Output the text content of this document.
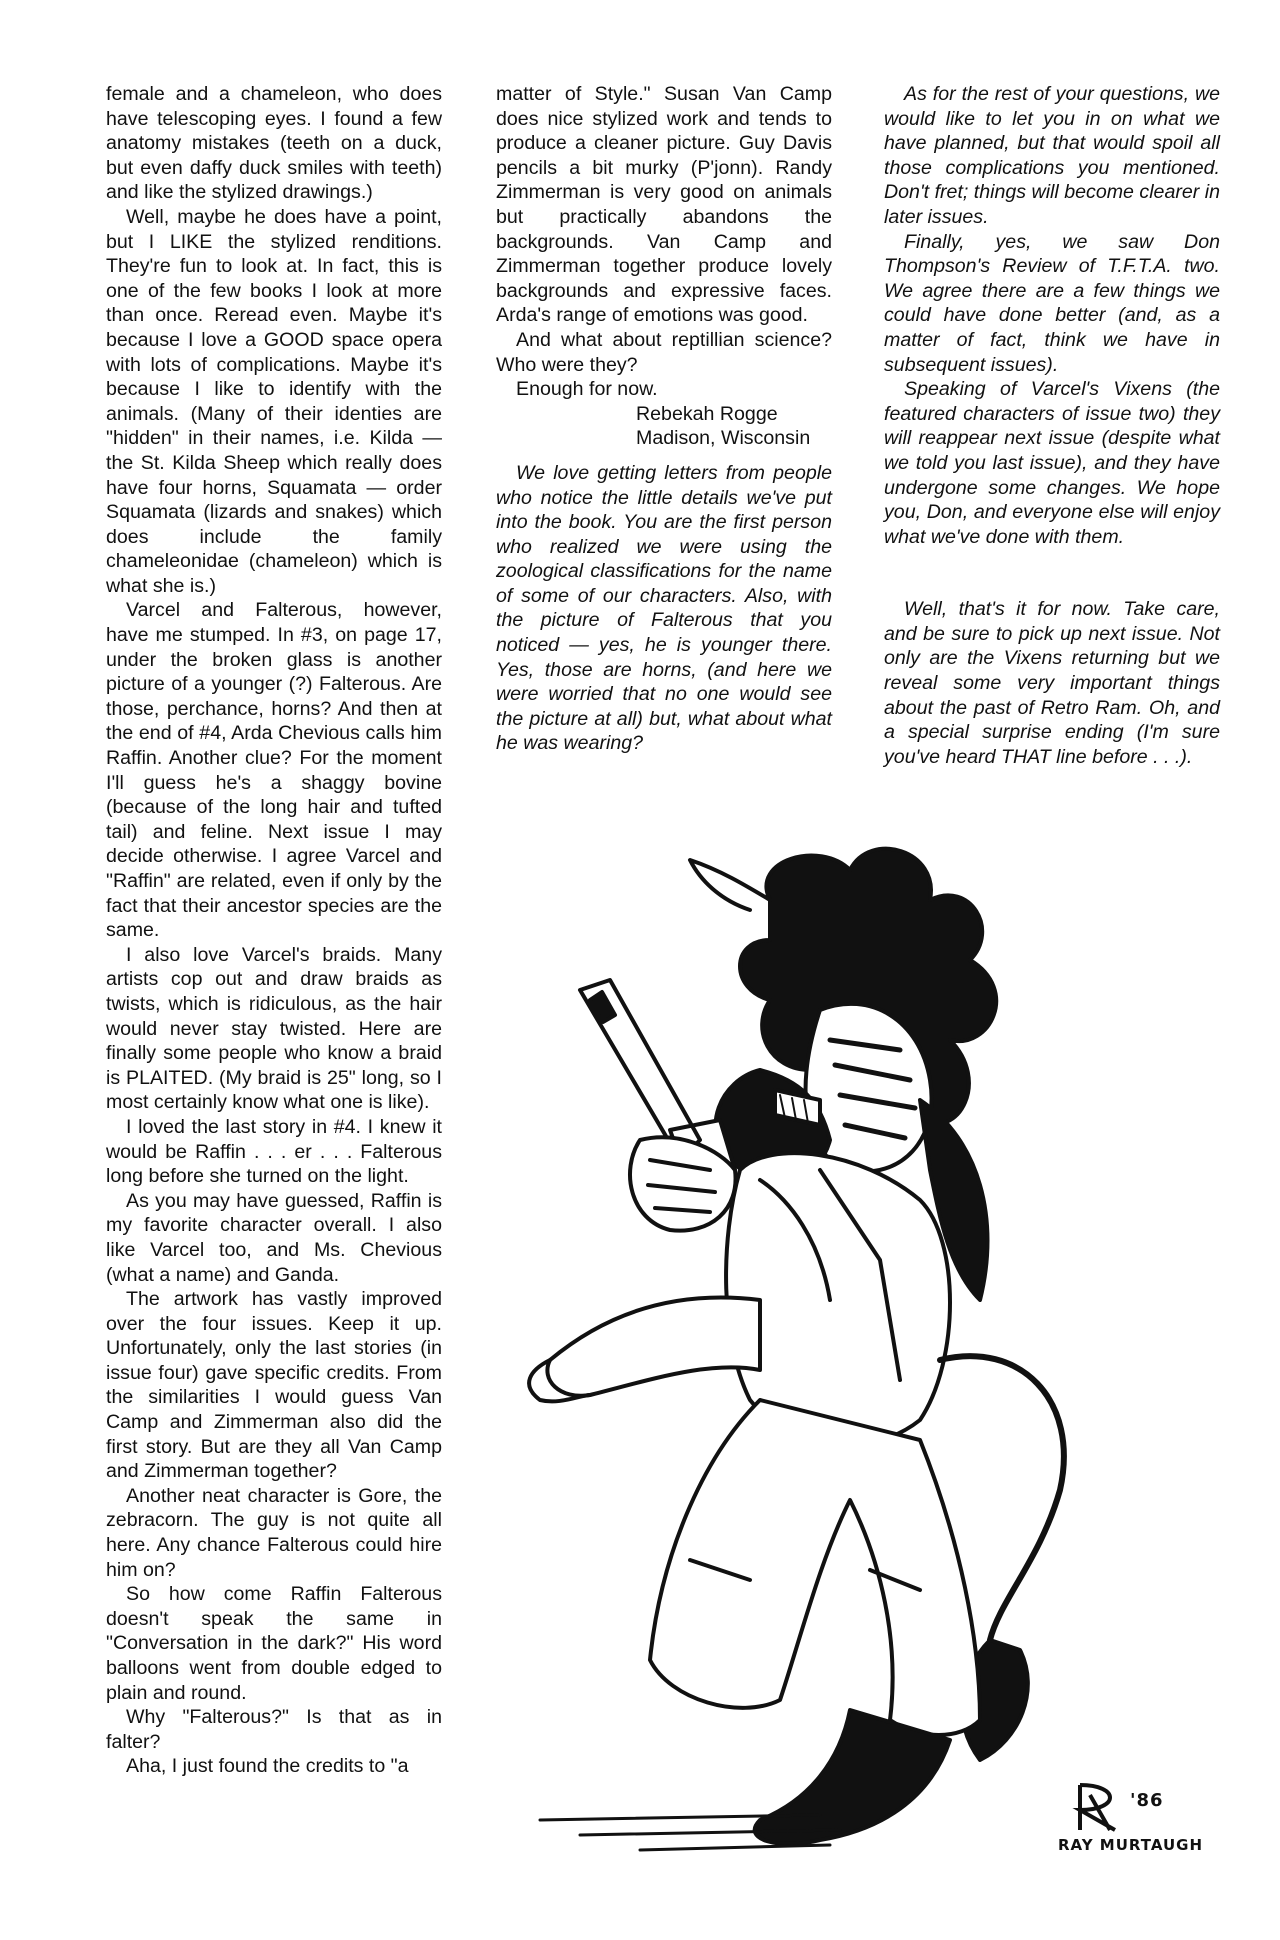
female and a chameleon, who does have telescoping eyes. I found a few anatomy mistakes (teeth on a duck, but even daffy duck smiles with teeth) and like the stylized drawings.)

Well, maybe he does have a point, but I LIKE the stylized renditions. They're fun to look at. In fact, this is one of the few books I look at more than once. Reread even. Maybe it's because I love a GOOD space opera with lots of complications. Maybe it's because I like to identify with the animals. (Many of their identies are "hidden" in their names, i.e. Kilda — the St. Kilda Sheep which really does have four horns, Squamata — order Squamata (lizards and snakes) which does include the family chameleonidae (chameleon) which is what she is.)

Varcel and Falterous, however, have me stumped. In #3, on page 17, under the broken glass is another picture of a younger (?) Falterous. Are those, perchance, horns? And then at the end of #4, Arda Chevious calls him Raffin. Another clue? For the moment I'll guess he's a shaggy bovine (because of the long hair and tufted tail) and feline. Next issue I may decide otherwise. I agree Varcel and "Raffin" are related, even if only by the fact that their ancestor species are the same.

I also love Varcel's braids. Many artists cop out and draw braids as twists, which is ridiculous, as the hair would never stay twisted. Here are finally some people who know a braid is PLAITED. (My braid is 25" long, so I most certainly know what one is like).

I loved the last story in #4. I knew it would be Raffin . . . er . . . Falterous long before she turned on the light.

As you may have guessed, Raffin is my favorite character overall. I also like Varcel too, and Ms. Chevious (what a name) and Ganda.

The artwork has vastly improved over the four issues. Keep it up. Unfortunately, only the last stories (in issue four) gave specific credits. From the similarities I would guess Van Camp and Zimmerman also did the first story. But are they all Van Camp and Zimmerman together?

Another neat character is Gore, the zebracorn. The guy is not quite all here. Any chance Falterous could hire him on?

So how come Raffin Falterous doesn't speak the same in "Conversation in the dark?" His word balloons went from double edged to plain and round.

Why "Falterous?" Is that as in falter?

Aha, I just found the credits to "a

matter of Style." Susan Van Camp does nice stylized work and tends to produce a cleaner picture. Guy Davis pencils a bit murky (P'jonn). Randy Zimmerman is very good on animals but practically abandons the backgrounds. Van Camp and Zimmerman together produce lovely backgrounds and expressive faces. Arda's range of emotions was good.

And what about reptillian science? Who were they?

Enough for now.

Rebekah Rogge

Madison, Wisconsin

We love getting letters from people who notice the little details we've put into the book. You are the first person who realized we were using the zoological classifications for the name of some of our characters. Also, with the picture of Falterous that you noticed — yes, he is younger there. Yes, those are horns, (and here we were worried that no one would see the picture at all) but, what about what he was wearing?

As for the rest of your questions, we would like to let you in on what we have planned, but that would spoil all those complications you mentioned. Don't fret; things will become clearer in later issues.

Finally, yes, we saw Don Thompson's Review of T.F.T.A. two. We agree there are a few things we could have done better (and, as a matter of fact, think we have in subsequent issues).

Speaking of Varcel's Vixens (the featured characters of issue two) they will reappear next issue (despite what we told you last issue), and they have undergone some changes. We hope you, Don, and everyone else will enjoy what we've done with them.

Well, that's it for now. Take care, and be sure to pick up next issue. Not only are the Vixens returning but we reveal some very important things about the past of Retro Ram. Oh, and a special surprise ending (I'm sure you've heard THAT line before . . .).

'86
RAY MURTAUGH
